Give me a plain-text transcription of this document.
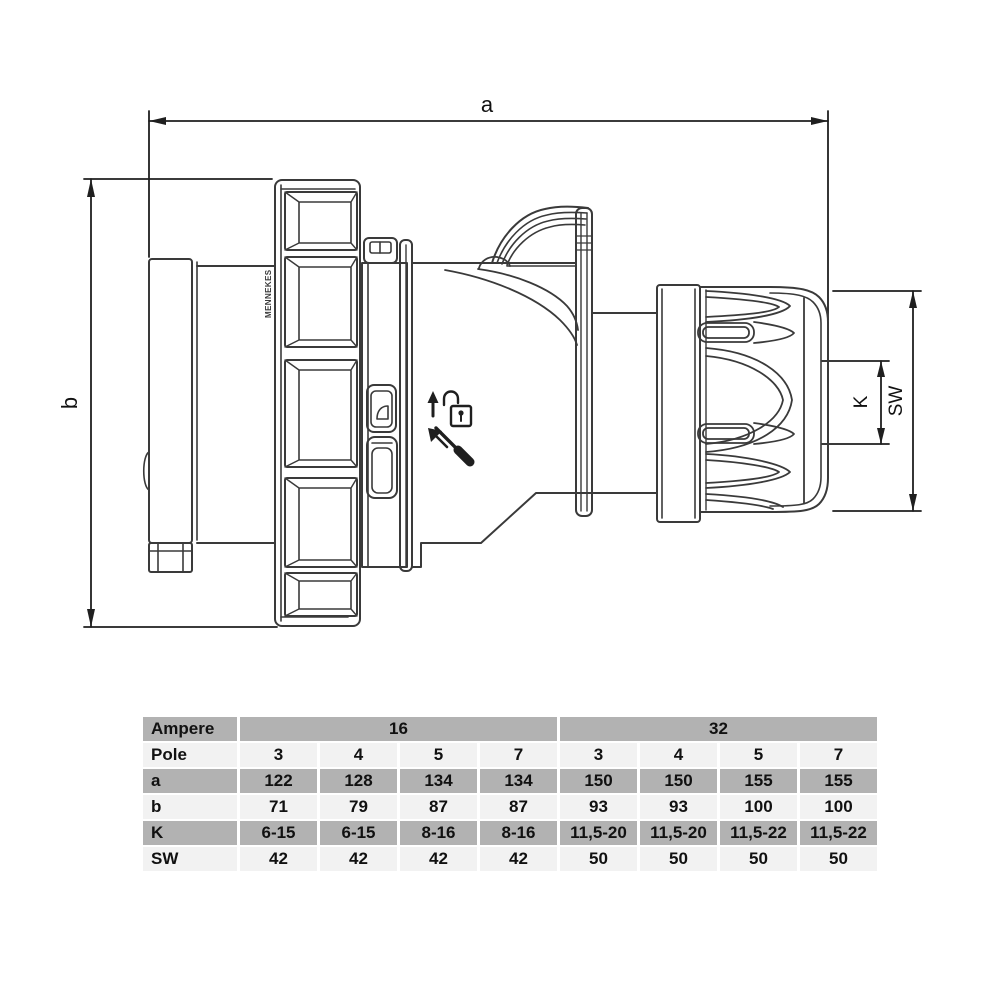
a
b	K SW
MENNEKES
Ampere	16				32			
Pole	3	4	5	7	3	4	5	7
a	122	128	134	134	150	150	155	155
b	71	79	87	87	93	93	100	100
K	6-15	6-15	8-16	8-16	11,5-20	11,5-20	11,5-22	11,5-22
SW	42	42	42	42	50	50	50	50
